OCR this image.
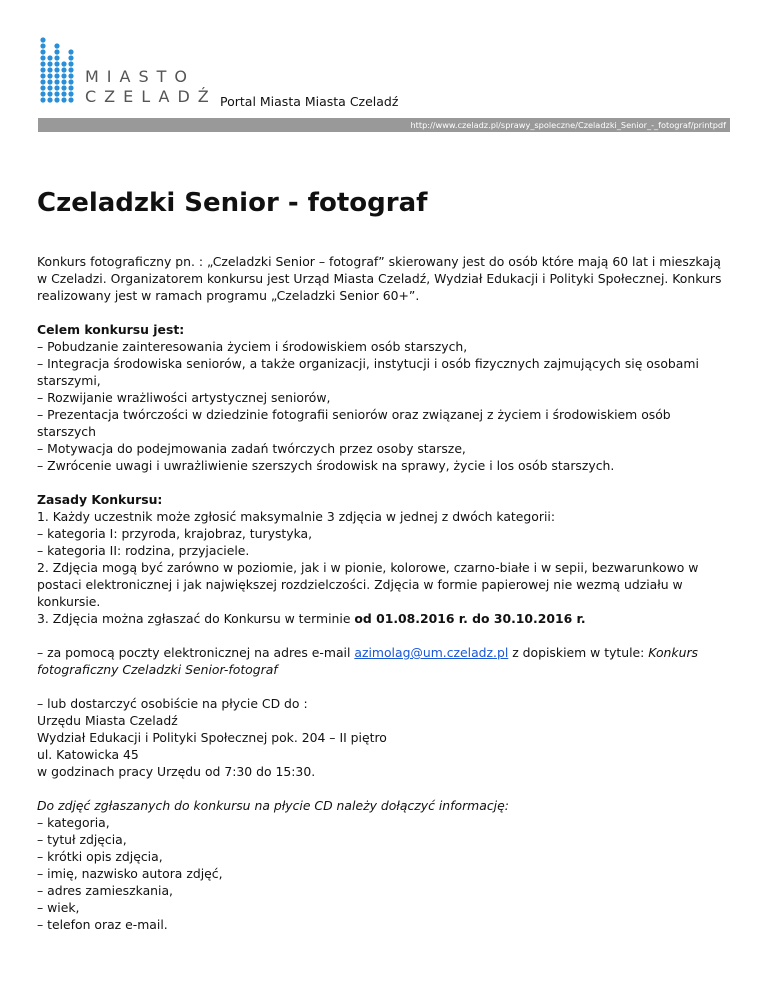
MIASTO
CZELADŹ Portal Miasta Miasta Czeladź
http://www.czeladz.pl/sprawy_spoleczne/Czeladzki_Senior_-_fotograf/printpdf
Czeladzki Senior - fotograf

Konkurs fotograficzny pn. : „Czeladzki Senior – fotograf” skierowany jest do osób które mają 60 lat i mieszkają w Czeladzi. Organizatorem konkursu jest Urząd Miasta Czeladź, Wydział Edukacji i Polityki Społecznej. Konkurs realizowany jest w ramach programu „Czeladzki Senior 60+”.

Celem konkursu jest:
– Pobudzanie zainteresowania życiem i środowiskiem osób starszych,
– Integracja środowiska seniorów, a także organizacji, instytucji i osób fizycznych zajmujących się osobami starszymi,
– Rozwijanie wrażliwości artystycznej seniorów,
– Prezentacja twórczości w dziedzinie fotografii seniorów oraz związanej z życiem i środowiskiem osób starszych
– Motywacja do podejmowania zadań twórczych przez osoby starsze,
– Zwrócenie uwagi i uwrażliwienie szerszych środowisk na sprawy, życie i los osób starszych.

Zasady Konkursu:
1. Każdy uczestnik może zgłosić maksymalnie 3 zdjęcia w jednej z dwóch kategorii:
– kategoria I: przyroda, krajobraz, turystyka,
– kategoria II: rodzina, przyjaciele.
2. Zdjęcia mogą być zarówno w poziomie, jak i w pionie, kolorowe, czarno-białe i w sepii, bezwarunkowo w postaci elektronicznej i jak największej rozdzielczości. Zdjęcia w formie papierowej nie wezmą udziału w konkursie.
3. Zdjęcia można zgłaszać do Konkursu w terminie od 01.08.2016 r. do 30.10.2016 r.

– za pomocą poczty elektronicznej na adres e-mail azimolag@um.czeladz.pl z dopiskiem w tytule: Konkurs fotograficzny Czeladzki Senior-fotograf

– lub dostarczyć osobiście na płycie CD do :
Urzędu Miasta Czeladź
Wydział Edukacji i Polityki Społecznej pok. 204 – II piętro
ul. Katowicka 45
w godzinach pracy Urzędu od 7:30 do 15:30.

Do zdjęć zgłaszanych do konkursu na płycie CD należy dołączyć informację:
– kategoria,
– tytuł zdjęcia,
– krótki opis zdjęcia,
– imię, nazwisko autora zdjęć,
– adres zamieszkania,
– wiek,
– telefon oraz e-mail.
